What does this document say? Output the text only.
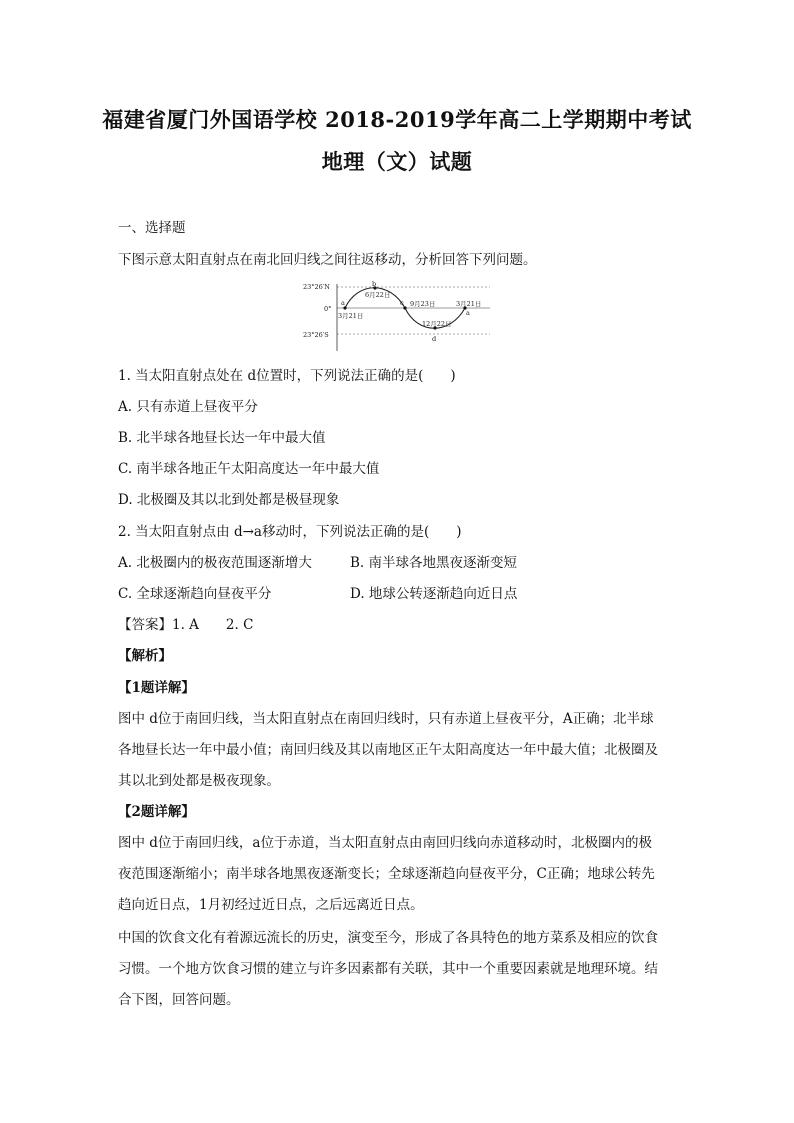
福建省厦门外国语学校 2018-2019学年高二上学期期中考试
地理（文）试题
一、选择题
下图示意太阳直射点在南北回归线之间往返移动，分析回答下列问题。
23°26′N
0°
23°26′S
a
b
c
d
a
3月21日
6月22日
9月23日	3月21日
12月22日
1. 当太阳直射点处在 d位置时，下列说法正确的是(　　)
A. 只有赤道上昼夜平分
B. 北半球各地昼长达一年中最大值
C. 南半球各地正午太阳高度达一年中最大值
D. 北极圈及其以北到处都是极昼现象
2. 当太阳直射点由 d→a移动时，下列说法正确的是(　　)
A. 北极圈内的极夜范围逐渐增大	B. 南半球各地黑夜逐渐变短
C. 全球逐渐趋向昼夜平分	D. 地球公转逐渐趋向近日点
【答案】1. A　　2. C
【解析】
【1题详解】
图中 d位于南回归线，当太阳直射点在南回归线时，只有赤道上昼夜平分，A正确；北半球
各地昼长达一年中最小值；南回归线及其以南地区正午太阳高度达一年中最大值；北极圈及
其以北到处都是极夜现象。
【2题详解】
图中 d位于南回归线，a位于赤道，当太阳直射点由南回归线向赤道移动时，北极圈内的极
夜范围逐渐缩小；南半球各地黑夜逐渐变长；全球逐渐趋向昼夜平分，C正确；地球公转先
趋向近日点，1月初经过近日点，之后远离近日点。
中国的饮食文化有着源远流长的历史，演变至今，形成了各具特色的地方菜系及相应的饮食
习惯。一个地方饮食习惯的建立与许多因素都有关联，其中一个重要因素就是地理环境。结
合下图，回答问题。
